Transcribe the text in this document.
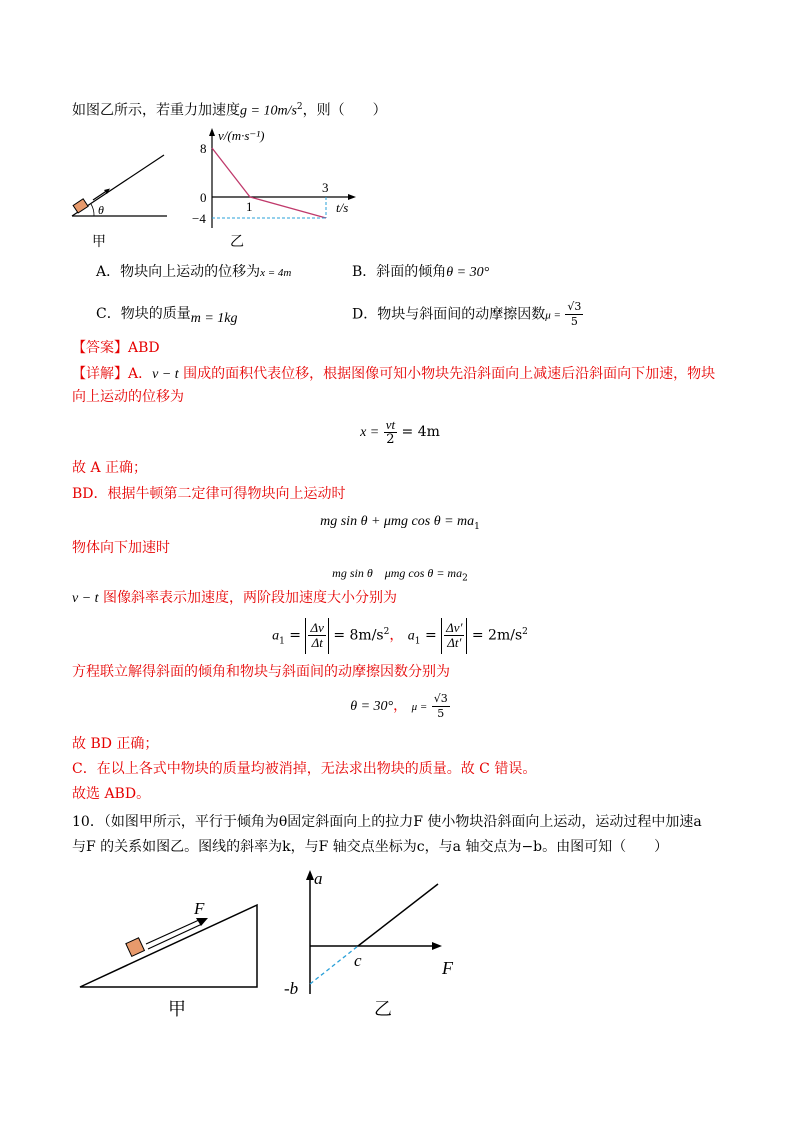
如图乙所示，若重力加速度$g = 10m/s^2$，则（　　）
θ
甲
v/(m·s⁻¹)
t/s
8
0
−4
1
3
乙
A．物块向上运动的位移为x = 4m	B．斜面的倾角θ = 30°
C．物块的质量m = 1kg	D．物块与斜面间的动摩擦因数$\mu = \frac{√3}{5}$
【答案】ABD
【详解】A．v − t 围成的面积代表位移，根据图像可知小物块先沿斜面向上减速后沿斜面向下加速，物块
向上运动的位移为
$x = \frac{vt}{2} = 4m$
故 A 正确；
BD．根据牛顿第二定律可得物块向上运动时
mg sin θ + μmg $\cos \theta = ma_1$
物体向下加速时
mg sin θ　μmg $\cos \theta = ma_2$
v − t 图像斜率表示加速度，两阶段加速度大小分别为
$a_1 = \frac{\Delta v}{\Delta t} = 8m/s^2$， $a_1 = \frac{\Delta v'}{\Delta t'} = 2m/s^2$
方程联立解得斜面的倾角和物块与斜面间的动摩擦因数分别为
θ = 30°， $\mu = \frac{√3}{5}$
故 BD 正确；
C．在以上各式中物块的质量均被消掉，无法求出物块的质量。故 C 错误。
故选 ABD。
10．（如图甲所示，平行于倾角为θ固定斜面向上的拉力F 使小物块沿斜面向上运动，运动过程中加速a
与F 的关系如图乙。图线的斜率为k，与F 轴交点坐标为c，与a 轴交点为−b。由图可知（　　）
F
甲
a
F
c
-b
乙
